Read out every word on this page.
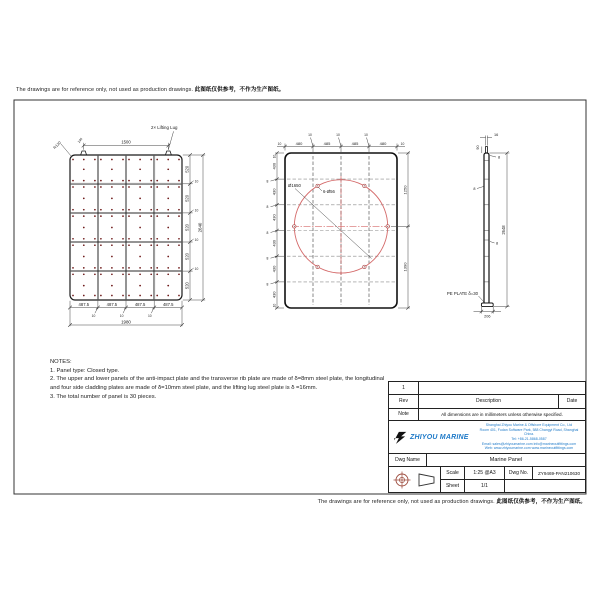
The drawings are for reference only, not used as production drawings. 此图纸仅供参考，不作为生产图纸。
1500
2× Lifting Lug
R120
240
520
520
520
520
520
10
10
10
10
2640
487.5	487.5	487.5	487.5
10	10	10
1980
Ø1650
6-Ø56
10	10
480	485	485	480
10	10	10
10
10
430
430
430
430
430
430
8
8
8
8
8
1250
1390
16
90
8
8
8
2648
206
PE PLATE δ=30

NOTES:

1. Panel type: Closed type.

2. The upper and lower panels of the anti-impact plate and the transverse rib plate are made of δ=8mm steel plate, the longitudinal and four side cladding plates are made of δ=10mm steel plate, and the lifting lug steel plate is δ =16mm.

3. The total number of panel is 30 pieces.

1
Rev	Description	Date
Note	All dimensions are in millimeters unless otherwise specified.
ZHIYOU MARINE
Shanghai Zhiyou Marine & Offshore Equipment Co., Ltd
Room 401, Fudan Software Park, 588 Changyi Road, Shanghai China.
Tel: +86-21-5868-0587
Email: sales@zhiyoumarine.com info@marineoutfittings.com
Web: www.zhiyoumarine.com www.marineoutfittings.com
Dwg Name	Marine Panel
Scale	1:25 @A3	Dwg No.	ZY9469-PAN210630
Sheet	1/1
The drawings are for reference only, not used as production drawings. 此图纸仅供参考，不作为生产图纸。
